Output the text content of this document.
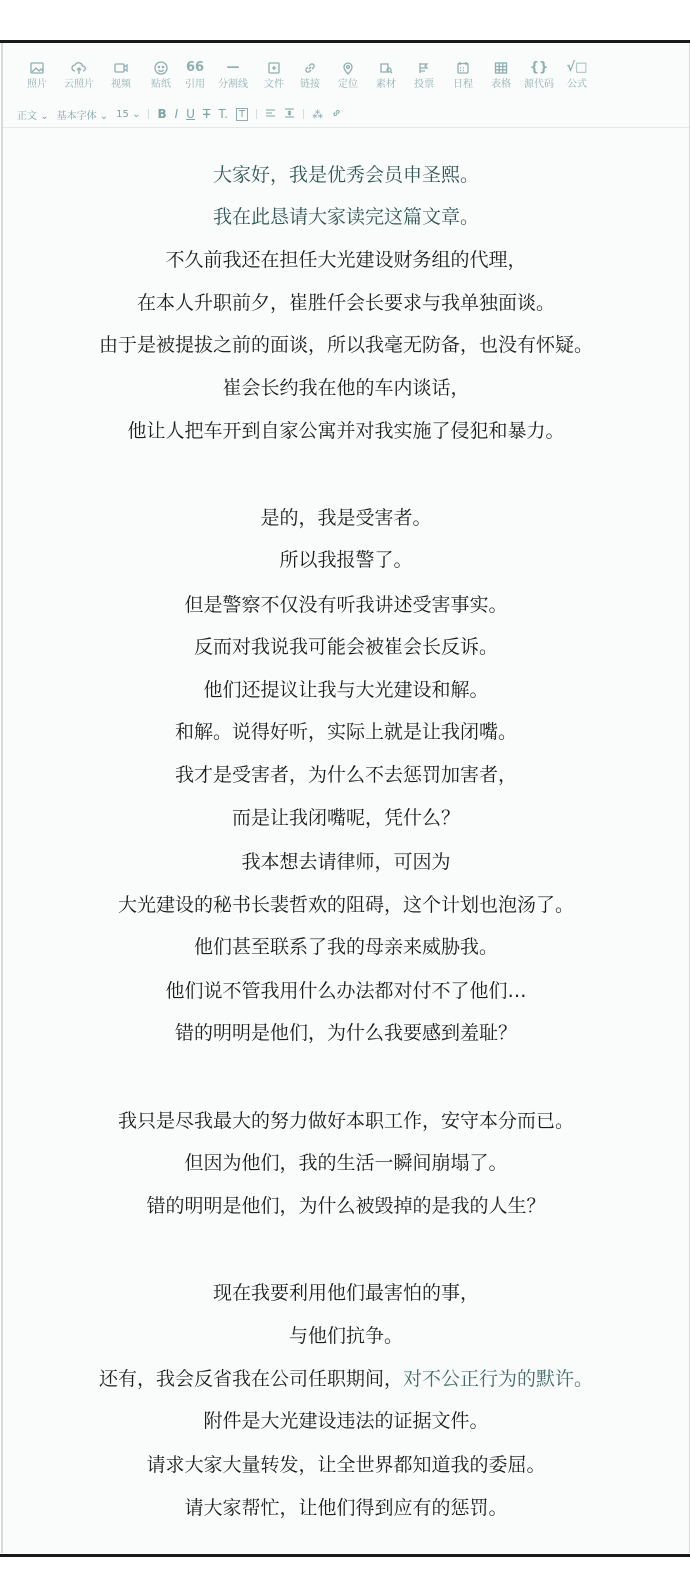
照片 云照片 视频 贴纸
66
引用
—
分割线 文件 链接 定位 素材 投票 日程 表格
{}
源代码
√□
公式
正文 ⌄ 基本字体 ⌄ 15 ⌄ B I U Ŧ T.	T	⁂
大家好，我是优秀会员申圣熙。
我在此恳请大家读完这篇文章。
不久前我还在担任大光建设财务组的代理，
在本人升职前夕，崔胜仟会长要求与我单独面谈。
由于是被提拔之前的面谈，所以我毫无防备，也没有怀疑。
崔会长约我在他的车内谈话，
他让人把车开到自家公寓并对我实施了侵犯和暴力。
是的，我是受害者。
所以我报警了。
但是警察不仅没有听我讲述受害事实。
反而对我说我可能会被崔会长反诉。
他们还提议让我与大光建设和解。
和解。说得好听，实际上就是让我闭嘴。
我才是受害者，为什么不去惩罚加害者，
而是让我闭嘴呢，凭什么？
我本想去请律师，可因为
大光建设的秘书长裴哲欢的阻碍，这个计划也泡汤了。
他们甚至联系了我的母亲来威胁我。
他们说不管我用什么办法都对付不了他们…
错的明明是他们，为什么我要感到羞耻？
我只是尽我最大的努力做好本职工作，安守本分而已。
但因为他们，我的生活一瞬间崩塌了。
错的明明是他们，为什么被毁掉的是我的人生？
现在我要利用他们最害怕的事，
与他们抗争。
还有，我会反省我在公司任职期间，对不公正行为的默许。
附件是大光建设违法的证据文件。
请求大家大量转发，让全世界都知道我的委屈。
请大家帮忙，让他们得到应有的惩罚。
